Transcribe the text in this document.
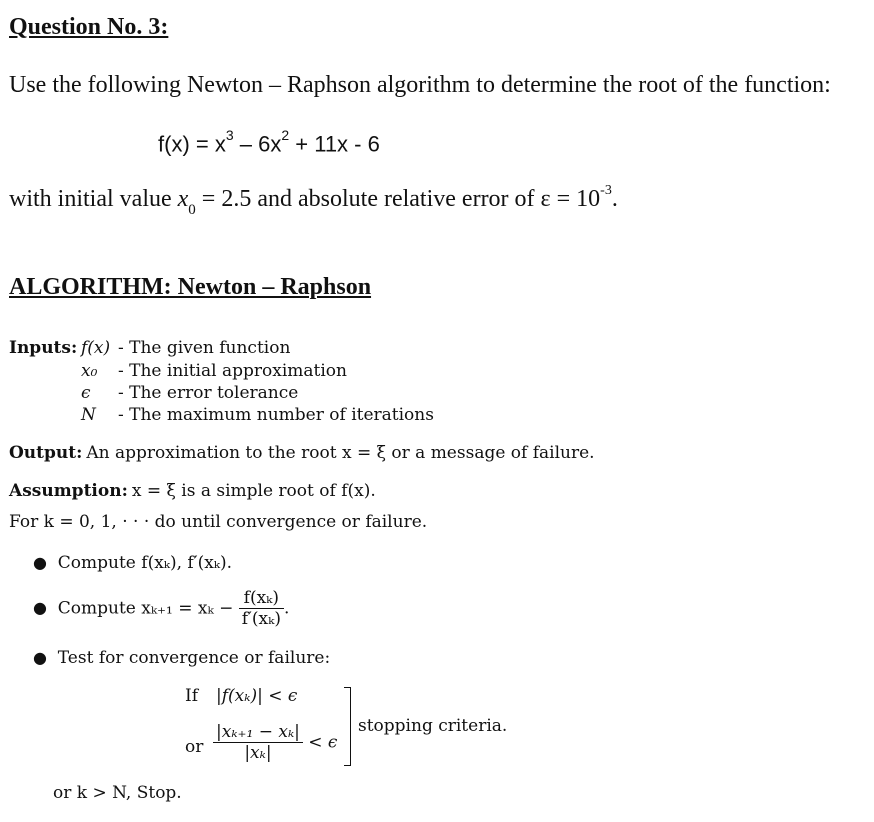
Question No. 3:
Use the following Newton – Raphson algorithm to determine the root of the function:
$f(x) = x^3 - 6x^2 + 11x - 6$
with initial value $x_0 = 2.5$ and absolute relative error of $\varepsilon = 10^{-3}$.
ALGORITHM: Newton – Raphson
Inputs: f(x) - The given function
x₀ - The initial approximation
ϵ - The error tolerance
N - The maximum number of iterations
Output: An approximation to the root x = ξ or a message of failure.
Assumption: x = ξ is a simple root of f(x).
For k = 0, 1, · · · do until convergence or failure.
● Compute f(xₖ), f′(xₖ).
● Compute $x_{k+1} = x_k - \frac{\text{f(xₖ)}}{\text{f′(xₖ)}}$ .
● Test for convergence or failure:
If |f(xₖ)| < ϵ
or $\frac{\text{|xₖ₊₁ − xₖ|}}{\text{|xₖ|}} < \epsilon$
stopping criteria.
or k > N, Stop.
